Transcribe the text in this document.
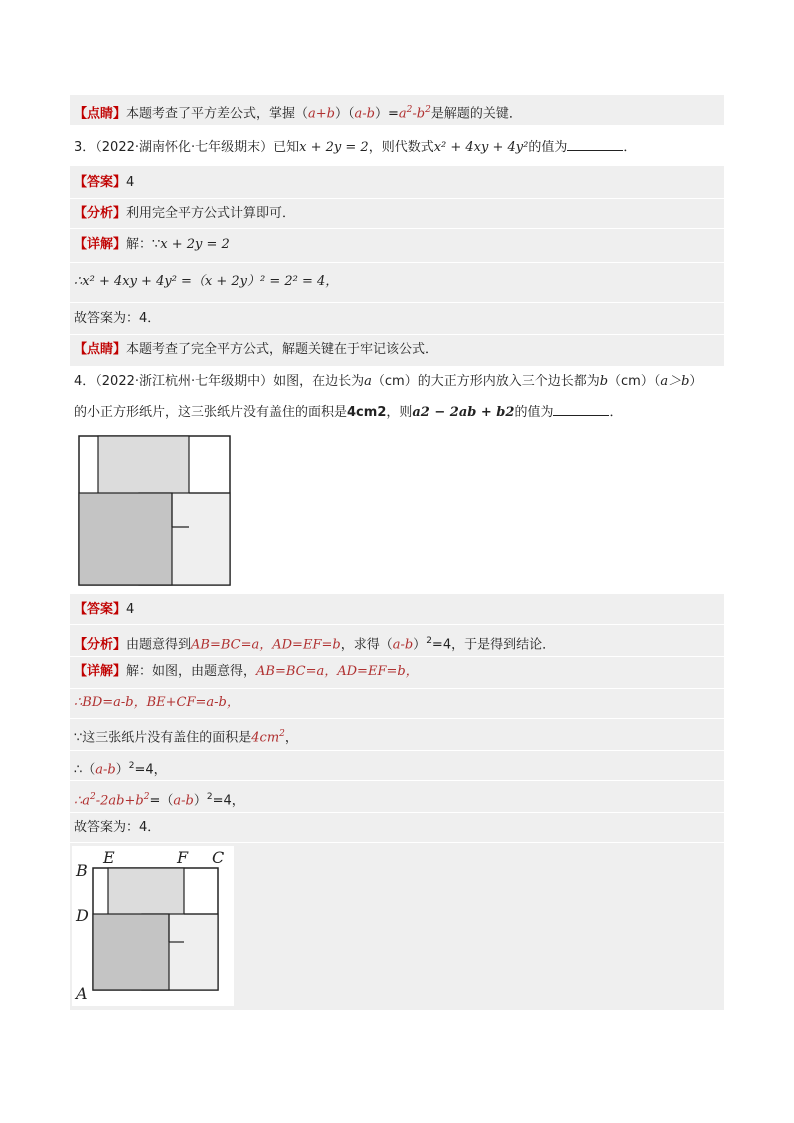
【点睛】本题考查了平方差公式，掌握$(a+b)(a-b)=a^2-b^2$是解题的关键．
3．（2022·湖南怀化·七年级期末）已知x + 2y = 2，则代数式x² + 4xy + 4y²的值为	．
【答案】4
【分析】利用完全平方公式计算即可．
【详解】解：∵x + 2y = 2
∴x² + 4xy + 4y² =（x + 2y）² = 2² = 4，
故答案为：4．
【点睛】本题考查了完全平方公式，解题关键在于牢记该公式．
4．（2022·浙江杭州·七年级期中）如图，在边长为a（cm）的大正方形内放入三个边长都为b（cm）（a＞b）
的小正方形纸片，这三张纸片没有盖住的面积是4cm2，则a2 − 2ab + b2的值为	．
【答案】4
【分析】由题意得到AB=BC=a，AD=EF=b，求得$(a-b)^2=4$，于是得到结论．
【详解】解：如图，由题意得，AB=BC=a，AD=EF=b，
∴BD=a-b，BE+CF=a-b，
∵这三张纸片没有盖住的面积是$4cm^2$，
$\therefore(a-b)^2=4$，
$\therefore a^2-2ab+b^2=(a-b)^2=4$，
故答案为：4．
B
E	F C
D
A
